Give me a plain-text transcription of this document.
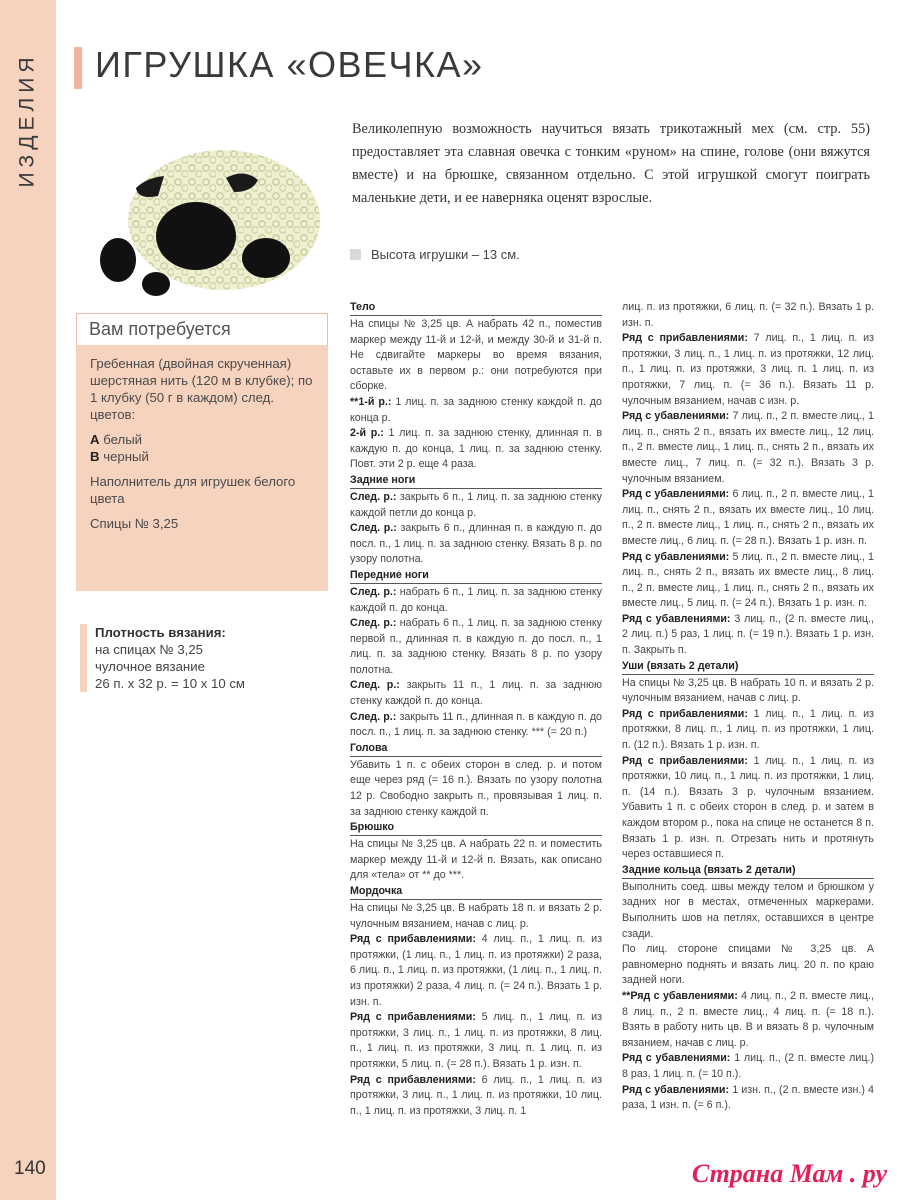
ИЗДЕЛИЯ
140
ИГРУШКА «ОВЕЧКА»

Великолепную возможность научиться вязать трикотажный мех (см. стр. 55) предоставляет эта славная овечка с тонким «руном» на спине, голове (они вяжутся вместе) и на брюшке, связанном отдельно. С этой игрушкой смогут поиграть маленькие дети, и ее наверняка оценят взрослые.

Высота игрушки – 13 см.
Вам потребуется

Гребенная (двойная скрученная) шерстяная нить (120 м в клубке); по 1 клубку (50 г в каждом) след. цветов:

А белый

В черный

Наполнитель для игрушек белого цвета

Спицы № 3,25

Плотность вязания:
на спицах № 3,25
чулочное вязание
26 п. х 32 р. = 10 х 10 см
Тело

На спицы № 3,25 цв. А набрать 42 п., поместив маркер между 11-й и 12-й, и между 30-й и 31-й п. Не сдвигайте маркеры во время вязания, оставьте их в первом р.: они потребуются при сборке.

**1-й р.: 1 лиц. п. за заднюю стенку каждой п. до конца р.

2-й р.: 1 лиц. п. за заднюю стенку, длинная п. в каждую п. до конца, 1 лиц. п. за заднюю стенку. Повт. эти 2 р. еще 4 раза.

Задние ноги

След. р.: закрыть 6 п., 1 лиц. п. за заднюю стенку каждой петли до конца р.

След. р.: закрыть 6 п., длинная п. в каждую п. до посл. п., 1 лиц. п. за заднюю стенку. Вязать 8 р. по узору полотна.

Передние ноги

След. р.: набрать 6 п., 1 лиц. п. за заднюю стенку каждой п. до конца.

След. р.: набрать 6 п., 1 лиц. п. за заднюю стенку первой п., длинная п. в каждую п. до посл. п., 1 лиц. п. за заднюю стенку. Вязать 8 р. по узору полотна.

След. р.: закрыть 11 п., 1 лиц. п. за заднюю стенку каждой п. до конца.

След. р.: закрыть 11 п., длинная п. в каждую п. до посл. п., 1 лиц. п. за заднюю стенку. *** (= 20 п.)

Голова

Убавить 1 п. с обеих сторон в след. р. и потом еще через ряд (= 16 п.). Вязать по узору полотна 12 р. Свободно закрыть п., провязывая 1 лиц. п. за заднюю стенку каждой п.

Брюшко

На спицы № 3,25 цв. А набрать 22 п. и поместить маркер между 11-й и 12-й п. Вязать, как описано для «тела» от ** до ***.

Мордочка

На спицы № 3,25 цв. В набрать 18 п. и вязать 2 р. чулочным вязанием, начав с лиц. р.

Ряд с прибавлениями: 4 лиц. п., 1 лиц. п. из протяжки, (1 лиц. п., 1 лиц. п. из протяжки) 2 раза, 6 лиц. п., 1 лиц. п. из протяжки, (1 лиц. п., 1 лиц. п. из протяжки) 2 раза, 4 лиц. п. (= 24 п.). Вязать 1 р. изн. п.

Ряд с прибавлениями: 5 лиц. п., 1 лиц. п. из протяжки, 3 лиц. п., 1 лиц. п. из протяжки, 8 лиц. п., 1 лиц. п. из протяжки, 3 лиц. п. 1 лиц. п. из протяжки, 5 лиц. п. (= 28 п.). Вязать 1 р. изн. п.

Ряд с прибавлениями: 6 лиц. п., 1 лиц. п. из протяжки, 3 лиц. п., 1 лиц. п. из протяжки, 10 лиц. п., 1 лиц. п. из протяжки, 3 лиц. п. 1

лиц. п. из протяжки, 6 лиц. п. (= 32 п.). Вязать 1 р. изн. п.

Ряд с прибавлениями: 7 лиц. п., 1 лиц. п. из протяжки, 3 лиц. п., 1 лиц. п. из протяжки, 12 лиц. п., 1 лиц. п. из протяжки, 3 лиц. п. 1 лиц. п. из протяжки, 7 лиц. п. (= 36 п.). Вязать 11 р. чулочным вязанием, начав с изн. р.

Ряд с убавлениями: 7 лиц. п., 2 п. вместе лиц., 1 лиц. п., снять 2 п., вязать их вместе лиц., 12 лиц. п., 2 п. вместе лиц., 1 лиц. п., снять 2 п., вязать их вместе лиц., 7 лиц. п. (= 32 п.). Вязать 3 р. чулочным вязанием.

Ряд с убавлениями: 6 лиц. п., 2 п. вместе лиц., 1 лиц. п., снять 2 п., вязать их вместе лиц., 10 лиц. п., 2 п. вместе лиц., 1 лиц. п., снять 2 п., вязать их вместе лиц., 6 лиц. п. (= 28 п.). Вязать 1 р. изн. п.

Ряд с убавлениями: 5 лиц. п., 2 п. вместе лиц., 1 лиц. п., снять 2 п., вязать их вместе лиц., 8 лиц. п., 2 п. вместе лиц., 1 лиц. п., снять 2 п., вязать их вместе лиц., 5 лиц. п. (= 24 п.). Вязать 1 р. изн. п.

Ряд с убавлениями: 3 лиц. п., (2 п. вместе лиц., 2 лиц. п.) 5 раз, 1 лиц. п. (= 19 п.). Вязать 1 р. изн. п. Закрыть п.

Уши (вязать 2 детали)

На спицы № 3,25 цв. В набрать 10 п. и вязать 2 р. чулочным вязанием, начав с лиц. р.

Ряд с прибавлениями: 1 лиц. п., 1 лиц. п. из протяжки, 8 лиц. п., 1 лиц. п. из протяжки, 1 лиц. п. (12 п.). Вязать 1 р. изн. п.

Ряд с прибавлениями: 1 лиц. п., 1 лиц. п. из протяжки, 10 лиц. п., 1 лиц. п. из протяжки, 1 лиц. п. (14 п.). Вязать 3 р. чулочным вязанием. Убавить 1 п. с обеих сторон в след. р. и затем в каждом втором р., пока на спице не останется 8 п. Вязать 1 р. изн. п. Отрезать нить и протянуть через оставшиеся п.

Задние кольца (вязать 2 детали)

Выполнить соед. швы между телом и брюшком у задних ног в местах, отмеченных маркерами. Выполнить шов на петлях, оставшихся в центре сзади.

По лиц. стороне спицами № 3,25 цв. А равномерно поднять и вязать лиц. 20 п. по краю задней ноги.

**Ряд с убавлениями: 4 лиц. п., 2 п. вместе лиц., 8 лиц. п., 2 п. вместе лиц., 4 лиц. п. (= 18 п.). Взять в работу нить цв. В и вязать 8 р. чулочным вязанием, начав с лиц. р.

Ряд с убавлениями: 1 лиц. п., (2 п. вместе лиц.) 8 раз, 1 лиц. п. (= 10 п.).

Ряд с убавлениями: 1 изн. п., (2 п. вместе изн.) 4 раза, 1 изн. п. (= 6 п.).

Страна Мам . ру
